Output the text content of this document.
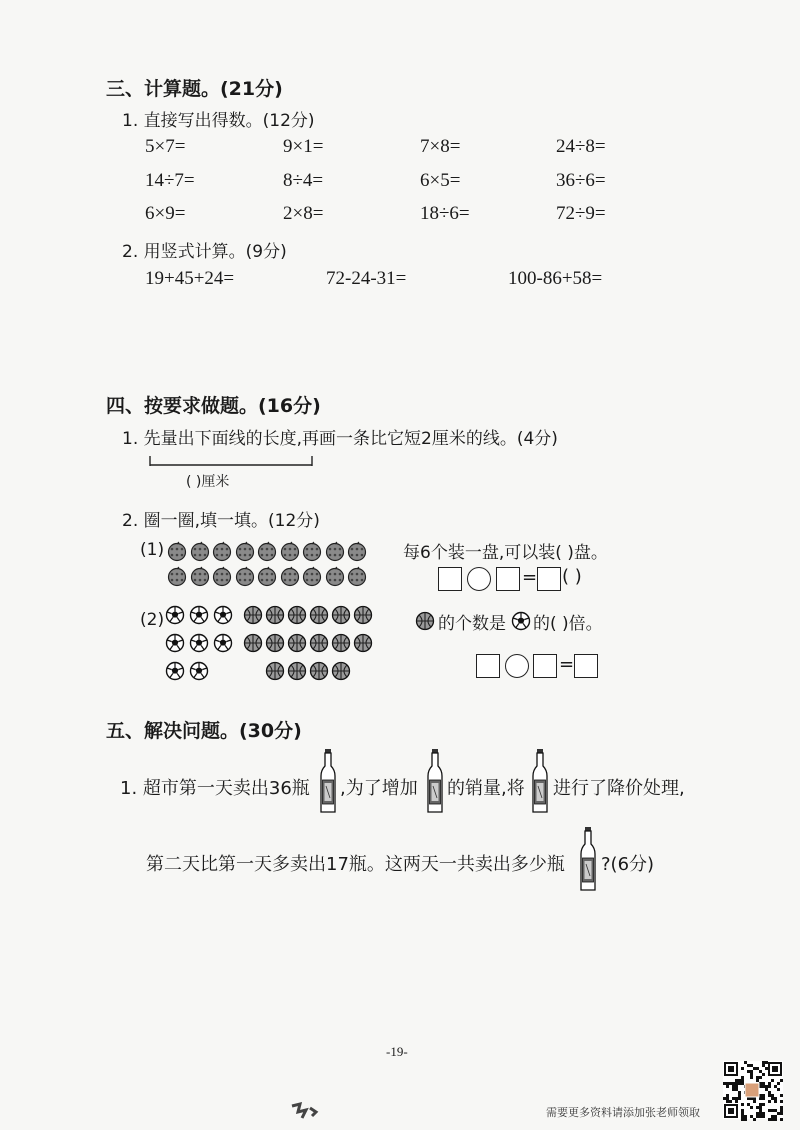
三、计算题。(21分)
1. 直接写出得数。(12分)
5×7=	9×1=	7×8=	24÷8=
14÷7=	8÷4=	6×5=	36÷6=
6×9=	2×8=	18÷6=	72÷9=
2. 用竖式计算。(9分)
19+45+24=	72-24-31=	100-86+58=
四、按要求做题。(16分)
1. 先量出下面线的长度,再画一条比它短2厘米的线。(4分)
( )厘米
2. 圈一圈,填一填。(12分)
(1)	每6个装一盘,可以装( )盘。
= ( )
(2)	的个数是 的( )倍。
=
五、解决问题。(30分)
1. 超市第一天卖出36瓶 ,为了增加 的销量,将 进行了降价处理,
第二天比第一天多卖出17瓶。这两天一共卖出多少瓶 ?(6分)
-19-
需要更多资料请添加张老师领取
